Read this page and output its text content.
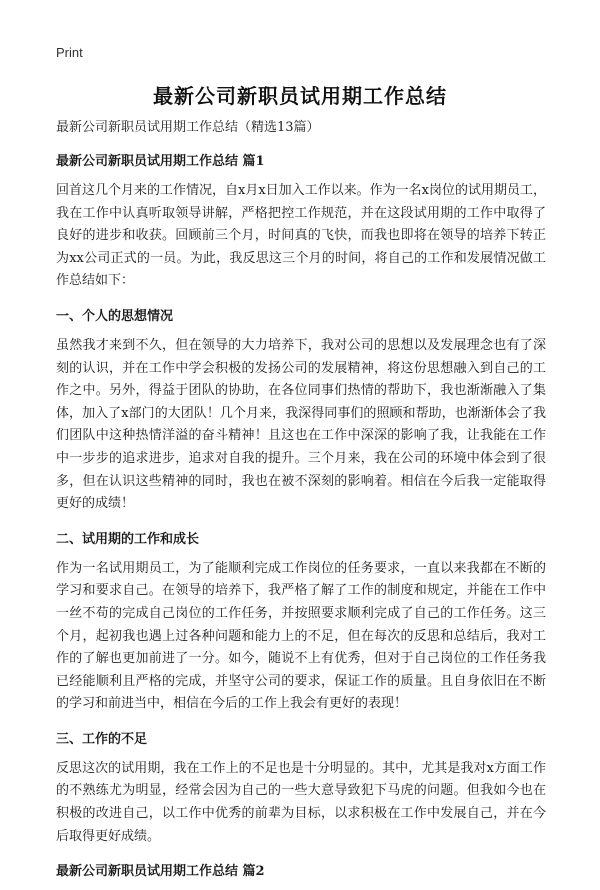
Print
最新公司新职员试用期工作总结

最新公司新职员试用期工作总结（精选13篇）

最新公司新职员试用期工作总结 篇1

回首这几个月来的工作情况，自x月x日加入工作以来。作为一名x岗位的试用期员工，我在工作中认真听取领导讲解，严格把控工作规范，并在这段试用期的工作中取得了良好的进步和收获。回顾前三个月，时间真的飞快，而我也即将在领导的培养下转正为xx公司正式的一员。为此，我反思这三个月的时间，将自己的工作和发展情况做工作总结如下：

一、个人的思想情况

虽然我才来到不久，但在领导的大力培养下，我对公司的思想以及发展理念也有了深刻的认识，并在工作中学会积极的发扬公司的发展精神，将这份思想融入到自己的工作之中。另外，得益于团队的协助，在各位同事们热情的帮助下，我也渐渐融入了集体，加入了x部门的大团队！几个月来，我深得同事们的照顾和帮助，也渐渐体会了我们团队中这种热情洋溢的奋斗精神！且这也在工作中深深的影响了我，让我能在工作中一步步的追求进步，追求对自我的提升。三个月来，我在公司的环境中体会到了很多，但在认识这些精神的同时，我也在被不深刻的影响着。相信在今后我一定能取得更好的成绩！

二、试用期的工作和成长

作为一名试用期员工，为了能顺利完成工作岗位的任务要求，一直以来我都在不断的学习和要求自己。在领导的培养下，我严格了解了工作的制度和规定，并能在工作中一丝不苟的完成自己岗位的工作任务，并按照要求顺利完成了自己的工作任务。这三个月，起初我也遇上过各种问题和能力上的不足，但在每次的反思和总结后，我对工作的了解也更加前进了一分。如今，随说不上有优秀，但对于自己岗位的工作任务我已经能顺利且严格的完成，并坚守公司的要求，保证工作的质量。且自身依旧在不断的学习和前进当中，相信在今后的工作上我会有更好的表现！

三、工作的不足

反思这次的试用期，我在工作上的不足也是十分明显的。其中，尤其是我对x方面工作的不熟练尤为明显，经常会因为自己的一些大意导致犯下马虎的问题。但我如今也在积极的改进自己，以工作中优秀的前辈为目标，以求积极在工作中发展自己，并在今后取得更好成绩。

最新公司新职员试用期工作总结 篇2
